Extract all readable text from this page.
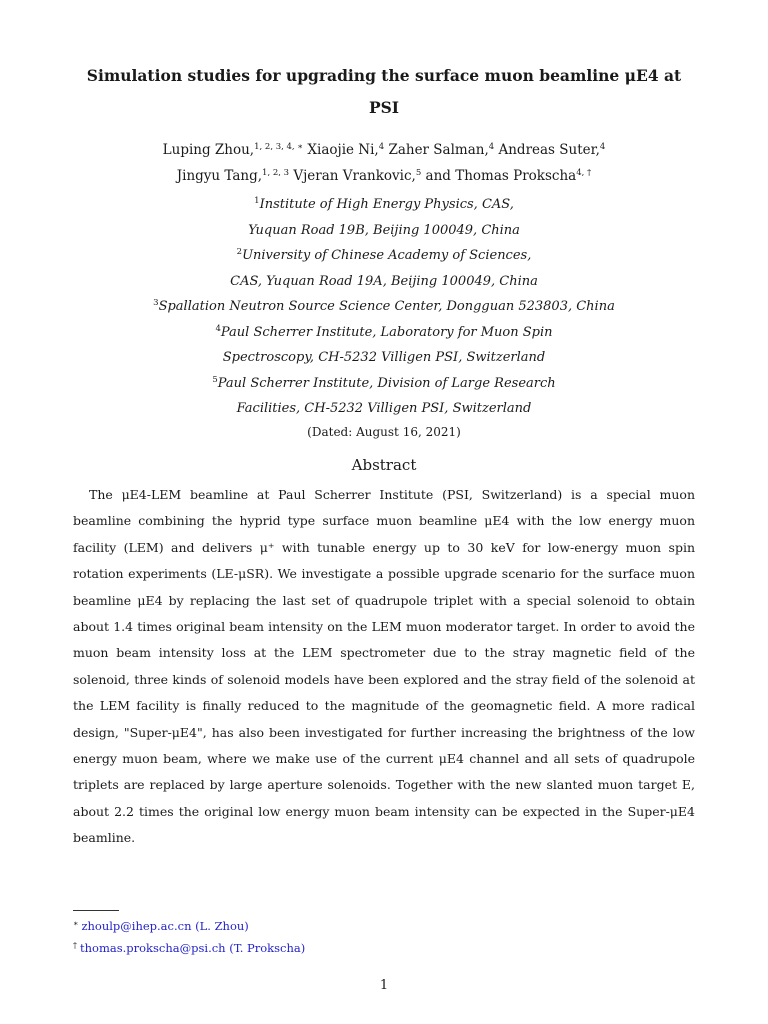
Simulation studies for upgrading the surface muon beamline μE4 at
PSI
Luping Zhou,$^{1, 2, 3, 4, ∗}$ Xiaojie Ni,$^4$ Zaher Salman,$^4$ Andreas Suter,$^4$
Jingyu Tang,$^{1, 2, 3}$ Vjeran Vrankovic,$^5$ and Thomas Prokscha$^{4, \dagger}$
$^1$Institute of High Energy Physics, CAS,
Yuquan Road 19B, Beijing 100049, China
$^2$University of Chinese Academy of Sciences,
CAS, Yuquan Road 19A, Beijing 100049, China
$^3$Spallation Neutron Source Science Center, Dongguan 523803, China
$^4$Paul Scherrer Institute, Laboratory for Muon Spin
Spectroscopy, CH-5232 Villigen PSI, Switzerland
$^5$Paul Scherrer Institute, Division of Large Research
Facilities, CH-5232 Villigen PSI, Switzerland
(Dated: August 16, 2021)
Abstract
The μE4-LEM beamline at Paul Scherrer Institute (PSI, Switzerland) is a special muon beamline combining the hyprid type surface muon beamline μE4 with the low energy muon facility (LEM) and delivers μ⁺ with tunable energy up to 30 keV for low-energy muon spin rotation experiments (LE-μSR). We investigate a possible upgrade scenario for the surface muon beamline μE4 by replacing the last set of quadrupole triplet with a special solenoid to obtain about 1.4 times original beam intensity on the LEM muon moderator target. In order to avoid the muon beam intensity loss at the LEM spectrometer due to the stray magnetic field of the solenoid, three kinds of solenoid models have been explored and the stray field of the solenoid at the LEM facility is finally reduced to the magnitude of the geomagnetic field. A more radical design, "Super-μE4", has also been investigated for further increasing the brightness of the low energy muon beam, where we make use of the current μE4 channel and all sets of quadrupole triplets are replaced by large aperture solenoids. Together with the new slanted muon target E, about 2.2 times the original low energy muon beam intensity can be expected in the Super-μE4 beamline.
∗ zhoulp@ihep.ac.cn (L. Zhou)
† thomas.prokscha@psi.ch (T. Prokscha)
1
